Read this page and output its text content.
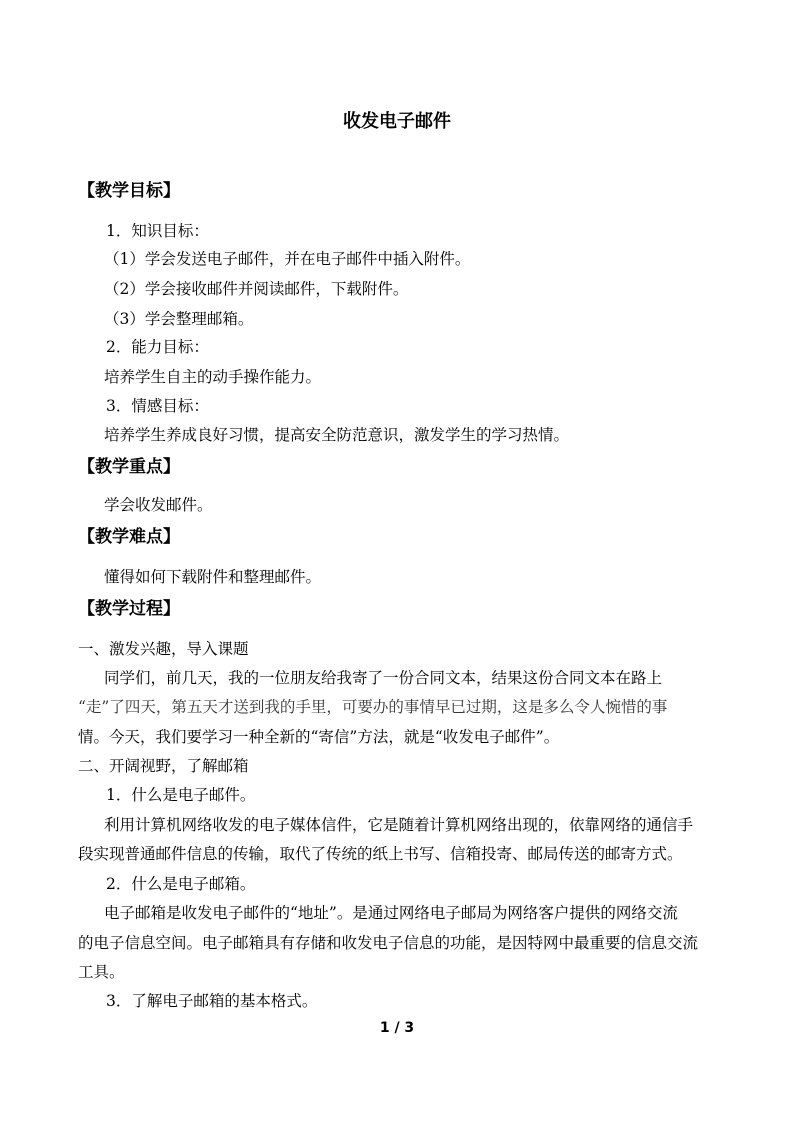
收发电子邮件
【教学目标】
1．知识目标：
（1）学会发送电子邮件，并在电子邮件中插入附件。
（2）学会接收邮件并阅读邮件，下载附件。
（3）学会整理邮箱。
2．能力目标：
培养学生自主的动手操作能力。
3．情感目标：
培养学生养成良好习惯，提高安全防范意识，激发学生的学习热情。
【教学重点】
学会收发邮件。
【教学难点】
懂得如何下载附件和整理邮件。
【教学过程】
一、激发兴趣，导入课题
同学们，前几天，我的一位朋友给我寄了一份合同文本，结果这份合同文本在路上
“走”了四天，第五天才送到我的手里，可要办的事情早已过期，这是多么令人惋惜的事
情。今天，我们要学习一种全新的“寄信”方法，就是“收发电子邮件”。
二、开阔视野，了解邮箱
1．什么是电子邮件。
利用计算机网络收发的电子媒体信件，它是随着计算机网络出现的，依靠网络的通信手
段实现普通邮件信息的传输，取代了传统的纸上书写、信箱投寄、邮局传送的邮寄方式。
2．什么是电子邮箱。
电子邮箱是收发电子邮件的“地址”。是通过网络电子邮局为网络客户提供的网络交流
的电子信息空间。电子邮箱具有存储和收发电子信息的功能，是因特网中最重要的信息交流
工具。
3．了解电子邮箱的基本格式。
1 / 3
